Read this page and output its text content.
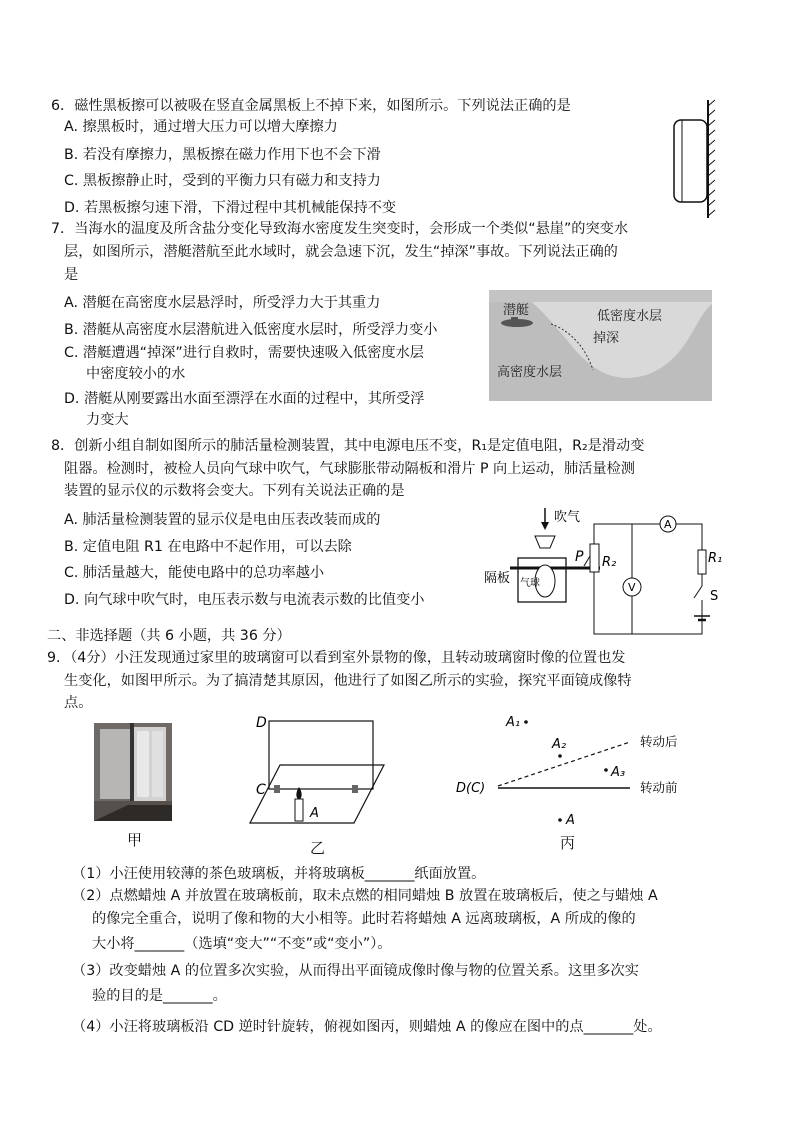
6．磁性黑板擦可以被吸在竖直金属黑板上不掉下来，如图所示。下列说法正确的是
A. 擦黑板时，通过增大压力可以增大摩擦力
B. 若没有摩擦力，黑板擦在磁力作用下也不会下滑
C. 黑板擦静止时，受到的平衡力只有磁力和支持力
D. 若黑板擦匀速下滑，下滑过程中其机械能保持不变
7．当海水的温度及所含盐分变化导致海水密度发生突变时，会形成一个类似“悬崖”的突变水
层，如图所示，潜艇潜航至此水域时，就会急速下沉，发生“掉深”事故。下列说法正确的
是
A. 潜艇在高密度水层悬浮时，所受浮力大于其重力
B. 潜艇从高密度水层潜航进入低密度水层时，所受浮力变小
C. 潜艇遭遇“掉深”进行自救时，需要快速吸入低密度水层
中密度较小的水
D. 潜艇从刚要露出水面至漂浮在水面的过程中，其所受浮
力变大
潜艇	低密度水层
掉深
高密度水层
8．创新小组自制如图所示的肺活量检测装置，其中电源电压不变，R₁是定值电阻，R₂是滑动变
阻器。检测时，被检人员向气球中吹气，气球膨胀带动隔板和滑片 P 向上运动，肺活量检测
装置的显示仪的示数将会变大。下列有关说法正确的是
A. 肺活量检测装置的显示仪是电由压表改装而成的
B. 定值电阻 R1 在电路中不起作用，可以去除
C. 肺活量越大，能使电路中的总功率越小
D. 向气球中吹气时，电压表示数与电流表示数的比值变小
吹气
气球
隔板
P R₂
A
V
R₁
S
二、非选择题（共 6 小题，共 36 分）
9．（4分）小汪发现通过家里的玻璃窗可以看到室外景物的像，且转动玻璃窗时像的位置也发
生变化，如图甲所示。为了搞清楚其原因，他进行了如图乙所示的实验，探究平面镜成像特
点。
甲
D
C
A
乙
A₁
A₂
A₃
D(C)
转动后
转动前
A
丙
（1）小汪使用较薄的茶色玻璃板，并将玻璃板_______纸面放置。
（2）点燃蜡烛 A 并放置在玻璃板前，取未点燃的相同蜡烛 B 放置在玻璃板后，使之与蜡烛 A
的像完全重合，说明了像和物的大小相等。此时若将蜡烛 A 远离玻璃板，A 所成的像的
大小将_______（选填“变大”“不变”或“变小”）。
（3）改变蜡烛 A 的位置多次实验，从而得出平面镜成像时像与物的位置关系。这里多次实
验的目的是_______。
（4）小汪将玻璃板沿 CD 逆时针旋转，俯视如图丙，则蜡烛 A 的像应在图中的点_______处。
